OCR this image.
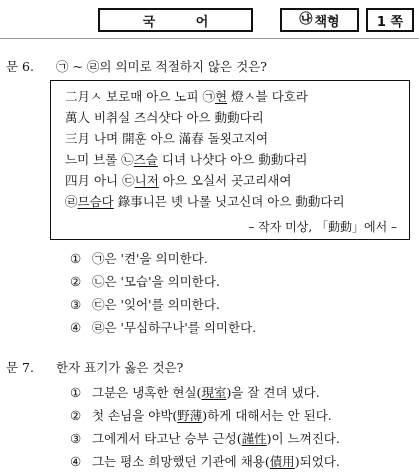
국 어	㉯ 책형	1 쪽
문 6. ㉠ ~ ㉣의 의미로 적절하지 않은 것은?
二月ㅅ 보로매 아으 노피 ㉠현 燈ㅅ블 다호라
萬人 비취실 즈싀샷다 아으 動動다리
三月 나며 開훈 아으 滿春 돌욋고지여
느미 브롤 ㉡즈슬 디녀 나샷다 아으 動動다리
四月 아니 ㉢니저 아으 오실서 곳고리새여
㉣므슴다 錄事니믄 녯 나롤 닛고신뎌 아으 動動다리
– 작자 미상, 「動動」에서 –
① ㉠은 '켠'을 의미한다.
② ㉡은 '모습'을 의미한다.
③ ㉢은 '잊어'를 의미한다.
④ ㉣은 '무심하구나'를 의미한다.
문 7. 한자 표기가 옳은 것은?
① 그분은 냉혹한 현실(現室)을 잘 견뎌 냈다.
② 첫 손님을 야박(野薄)하게 대해서는 안 된다.
③ 그에게서 타고난 승부 근성(謹性)이 느껴진다.
④ 그는 평소 희망했던 기관에 채용(債用)되었다.
